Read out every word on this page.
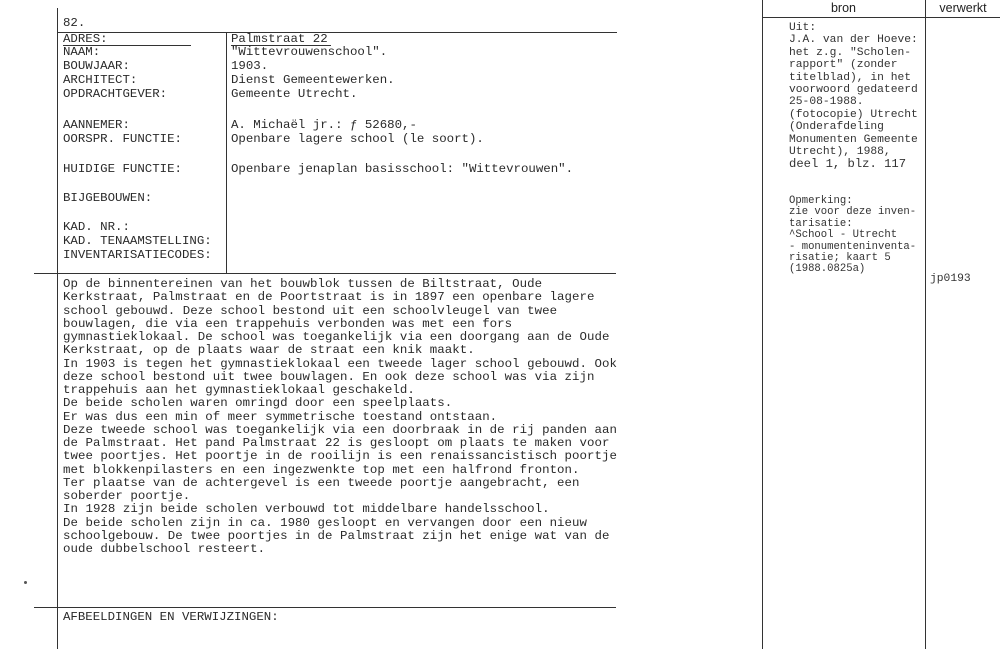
82.
ADRES:
NAAM:
BOUWJAAR:
ARCHITECT:
OPDRACHTGEVER:
AANNEMER:
OORSPR. FUNCTIE:
HUIDIGE FUNCTIE:
BIJGEBOUWEN:
KAD. NR.:
KAD. TENAAMSTELLING:
INVENTARISATIECODES:
Palmstraat 22
"Wittevrouwenschool".
1903.
Dienst Gemeentewerken.
Gemeente Utrecht.
A. Michaël jr.: ƒ 52680,-
Openbare lagere school (le soort).
Openbare jenaplan basisschool: "Wittevrouwen".
Op de binnentereinen van het bouwblok tussen de Biltstraat, Oude
Kerkstraat, Palmstraat en de Poortstraat is in 1897 een openbare lagere
school gebouwd. Deze school bestond uit een schoolvleugel van twee
bouwlagen, die via een trappehuis verbonden was met een fors
gymnastieklokaal. De school was toegankelijk via een doorgang aan de Oude
Kerkstraat, op de plaats waar de straat een knik maakt.
In 1903 is tegen het gymnastieklokaal een tweede lager school gebouwd. Ook
deze school bestond uit twee bouwlagen. En ook deze school was via zijn
trappehuis aan het gymnastieklokaal geschakeld.
De beide scholen waren omringd door een speelplaats.
Er was dus een min of meer symmetrische toestand ontstaan.
Deze tweede school was toegankelijk via een doorbraak in de rij panden aan
de Palmstraat. Het pand Palmstraat 22 is gesloopt om plaats te maken voor
twee poortjes. Het poortje in de rooilijn is een renaissancistisch poortje
met blokkenpilasters en een ingezwenkte top met een halfrond fronton.
Ter plaatse van de achtergevel is een tweede poortje aangebracht, een
soberder poortje.
In 1928 zijn beide scholen verbouwd tot middelbare handelsschool.
De beide scholen zijn in ca. 1980 gesloopt en vervangen door een nieuw
schoolgebouw. De twee poortjes in de Palmstraat zijn het enige wat van de
oude dubbelschool resteert.
AFBEELDINGEN EN VERWIJZINGEN:
bron	verwerkt
Uit:
J.A. van der Hoeve:
het z.g. "Scholen-
rapport" (zonder
titelblad), in het
voorwoord gedateerd
25-08-1988.
(fotocopie) Utrecht
(Onderafdeling
Monumenten Gemeente
Utrecht), 1988,
deel 1, blz. 117
Opmerking:
zie voor deze inven-
tarisatie:
^School - Utrecht
- monumenteninventa-
risatie; kaart 5
(1988.0825a)
jp0193
